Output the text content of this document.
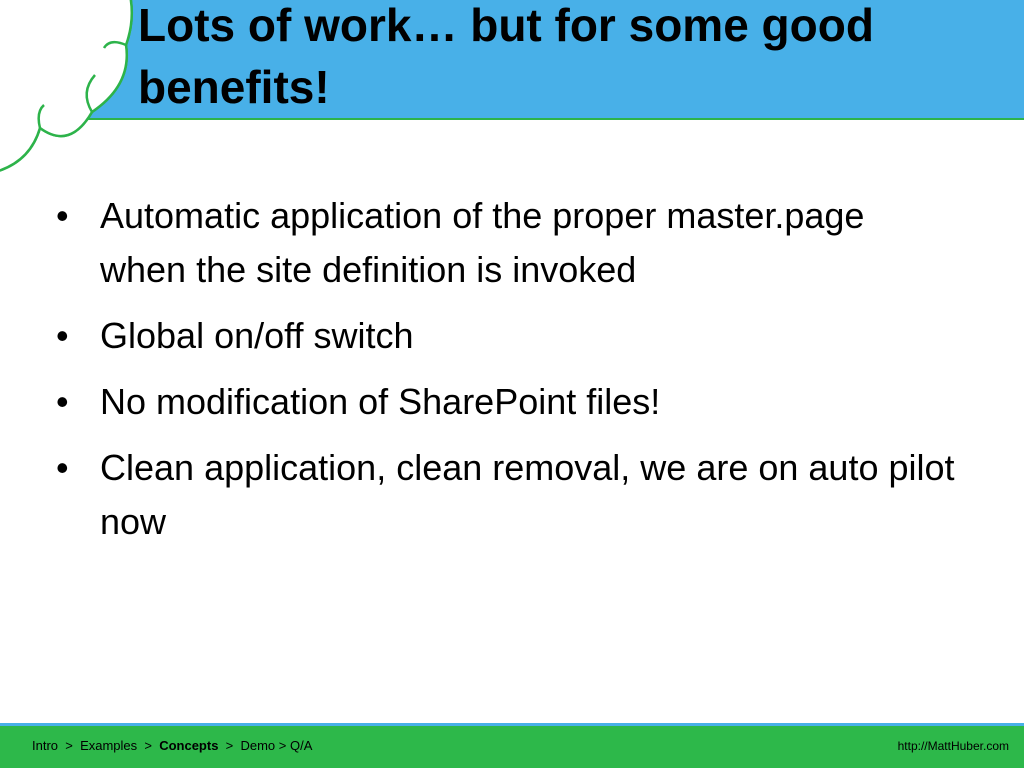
Lots of work… but for some good benefits!
• Automatic application of the proper master.page when the site definition is invoked
• Global on/off switch
• No modification of SharePoint files!
• Clean application, clean removal, we are on auto pilot now
Intro  >  Examples  >  Concepts  >  Demo > Q/A	http://MattHuber.com
